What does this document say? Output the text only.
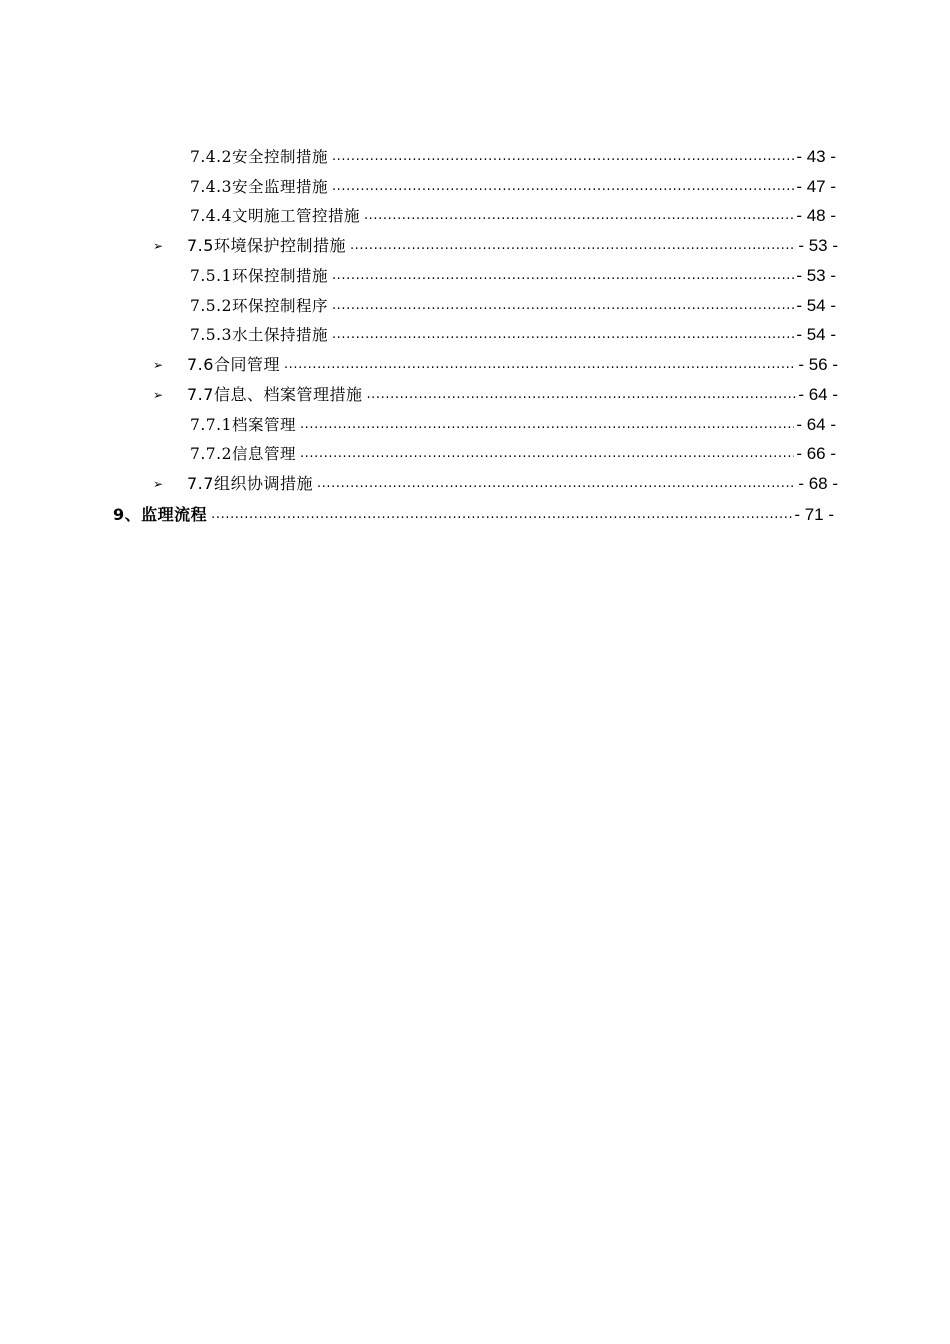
7.4.2安全控制措施 .....	- 43 -
7.4.3安全监理措施 .....	- 47 -
7.4.4文明施工管控措施 .....	- 48 -
➢	7.5环境保护控制措施 .....	- 53 -
7.5.1环保控制措施 .....	- 53 -
7.5.2环保控制程序 .....	- 54 -
7.5.3水土保持措施 .....	- 54 -
➢	7.6合同管理 .....	- 56 -
➢	7.7信息、档案管理措施 .....	- 64 -
7.7.1档案管理 .....	- 64 -
7.7.2信息管理 .....	- 66 -
➢	7.7组织协调措施 .....	- 68 -
9、监理流程 .....	- 71 -
